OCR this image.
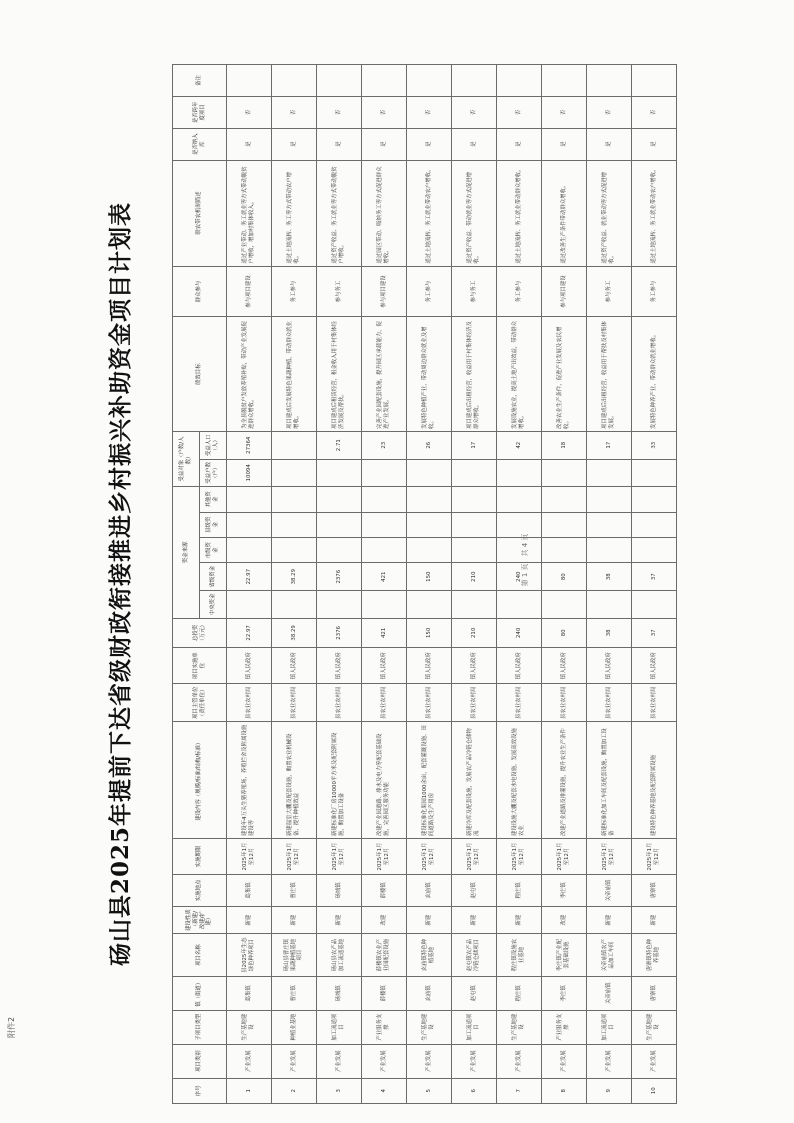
附件2
第 1 页，共 4 页
砀山县2025年提前下达省级财政衔接推进乡村振兴补助资金项目计划表
序号	项目类别	子项目类型	镇（街道）	项目名称	建设性质（新建/改建/扩建）	实施地点	实施期限	建设内容（规模/标准/结构/标准）	项目主管单位（责任单位）	项目实施单位	总投资（万元）	资金来源					受益对象（户数/人数）		绩效目标	群众参与	联农带农机制简述	是否纳入库	是否跨年度项目	备注
												中央资金	省级资金	市级资金	县级资金	其他资金	受益户数（户）	受益人口（人）						
1	产业发展	生产基地建设	葛集镇	县2025年生态绿色种养项目	新建	葛集镇	2025年1月至12月	建设年4万头生猪养殖场，养殖栏舍及附属设施建设等	县农业农村局	镇人民政府	22.97		22.97				10094	27364	为全县脱贫户发放养殖补贴，带动产业发展促进群众增收。	参与项目建设	通过产业带动、务工就业等方式带动脱贫户增收，增加村集体收入。	是	否	
2	产业发展	种植业基地	曹庄镇	砀山县曹庄镇果蔬种植基地项目	新建	曹庄镇	2025年1月至12月	新建温室大棚及配套设施，购置农业机械设备，提升种植效益	县农业农村局	镇人民政府	38.29		38.29						项目建成后发展特色果蔬种植，带动群众就业增收。	务工参与	通过土地流转、务工等方式带动农户增收。	是	否	
3	产业发展	加工流通项目	砀城镇	砀山县农产品加工流通基地	新建	砀城镇	2025年1月至12月	新建标准化厂房10000平方米及配套附属设施，购置加工设备	县农业农村局	镇人民政府	2376		2376					2.71	项目建成后租赁经营，租金收入用于村集体经济发展及帮扶。	参与务工	通过资产收益、务工就业等方式带动脱贫户增收。	是	否	
4	产业发展	产业服务支撑	薛楼镇	薛楼镇农业产业园配套设施	改建	薛楼镇	2025年1月至12月	改建产业园道路、排水及电力等配套基础设施，完善园区服务功能	县农业农村局	镇人民政府	421		421					23	完善产业园配套设施，提升园区承载能力，促进产业发展。	参与项目建设	通过园区带动、吸纳务工等方式促进群众增收。	是	否	
5	产业发展	生产基地建设	玄庙镇	玄庙镇特色种植基地	新建	玄庙镇	2025年1月至12月	建设标准化果园1000余亩，配套灌溉设施、田间道路及生产用房	县农业农村局	镇人民政府	150		150					26	发展特色种植产业，带动周边群众就业及增收。	务工参与	通过土地流转、务工就业带动农户增收。	是	否	
6	产业发展	加工流通项目	赵屯镇	赵屯镇农产品冷链仓储项目	新建	赵屯镇	2025年1月至12月	新建冷库及配套设施，发展农产品冷链仓储物流	县农业农村局	镇人民政府	210		210					17	项目建成后出租经营，收益用于村集体经济及群众增收。	参与务工	通过资产收益、带动就业等方式促进增收。	是	否	
7	产业发展	生产基地建设	程庄镇	程庄镇设施农业基地	新建	程庄镇	2025年1月至12月	建设设施大棚及配套水电设施，发展高效设施农业	县农业农村局	镇人民政府	240		240					42	发展设施农业，提高土地产出效益，带动群众增收。	务工参与	通过土地流转、务工就业带动群众增收。	是	否	
8	产业发展	产业服务支撑	李庄镇	李庄镇产业配套基础设施	改建	李庄镇	2025年1月至12月	改建产业道路及排灌设施，提升农业生产条件	县农业农村局	镇人民政府	80		80					18	改善农业生产条件，促进产业发展及农民增收。	参与项目建设	通过改善生产条件带动群众增收。	是	否	
9	产业发展	加工流通项目	关帝庙镇	关帝庙镇农产品加工车间	新建	关帝庙镇	2025年1月至12月	新建标准化加工车间及配套设施，购置加工设备	县农业农村局	镇人民政府	38		38					17	项目建成后出租经营，收益用于帮扶及村集体发展。	参与务工	通过资产收益、就业带动等方式促进增收。	是	否	
10	产业发展	生产基地建设	唐寨镇	唐寨镇特色种养基地	新建	唐寨镇	2025年1月至12月	建设特色种养基地及配套附属设施	县农业农村局	镇人民政府	37		37					33	发展特色种养产业，带动群众就业增收。	务工参与	通过土地流转、务工就业带动农户增收。	是	否	
